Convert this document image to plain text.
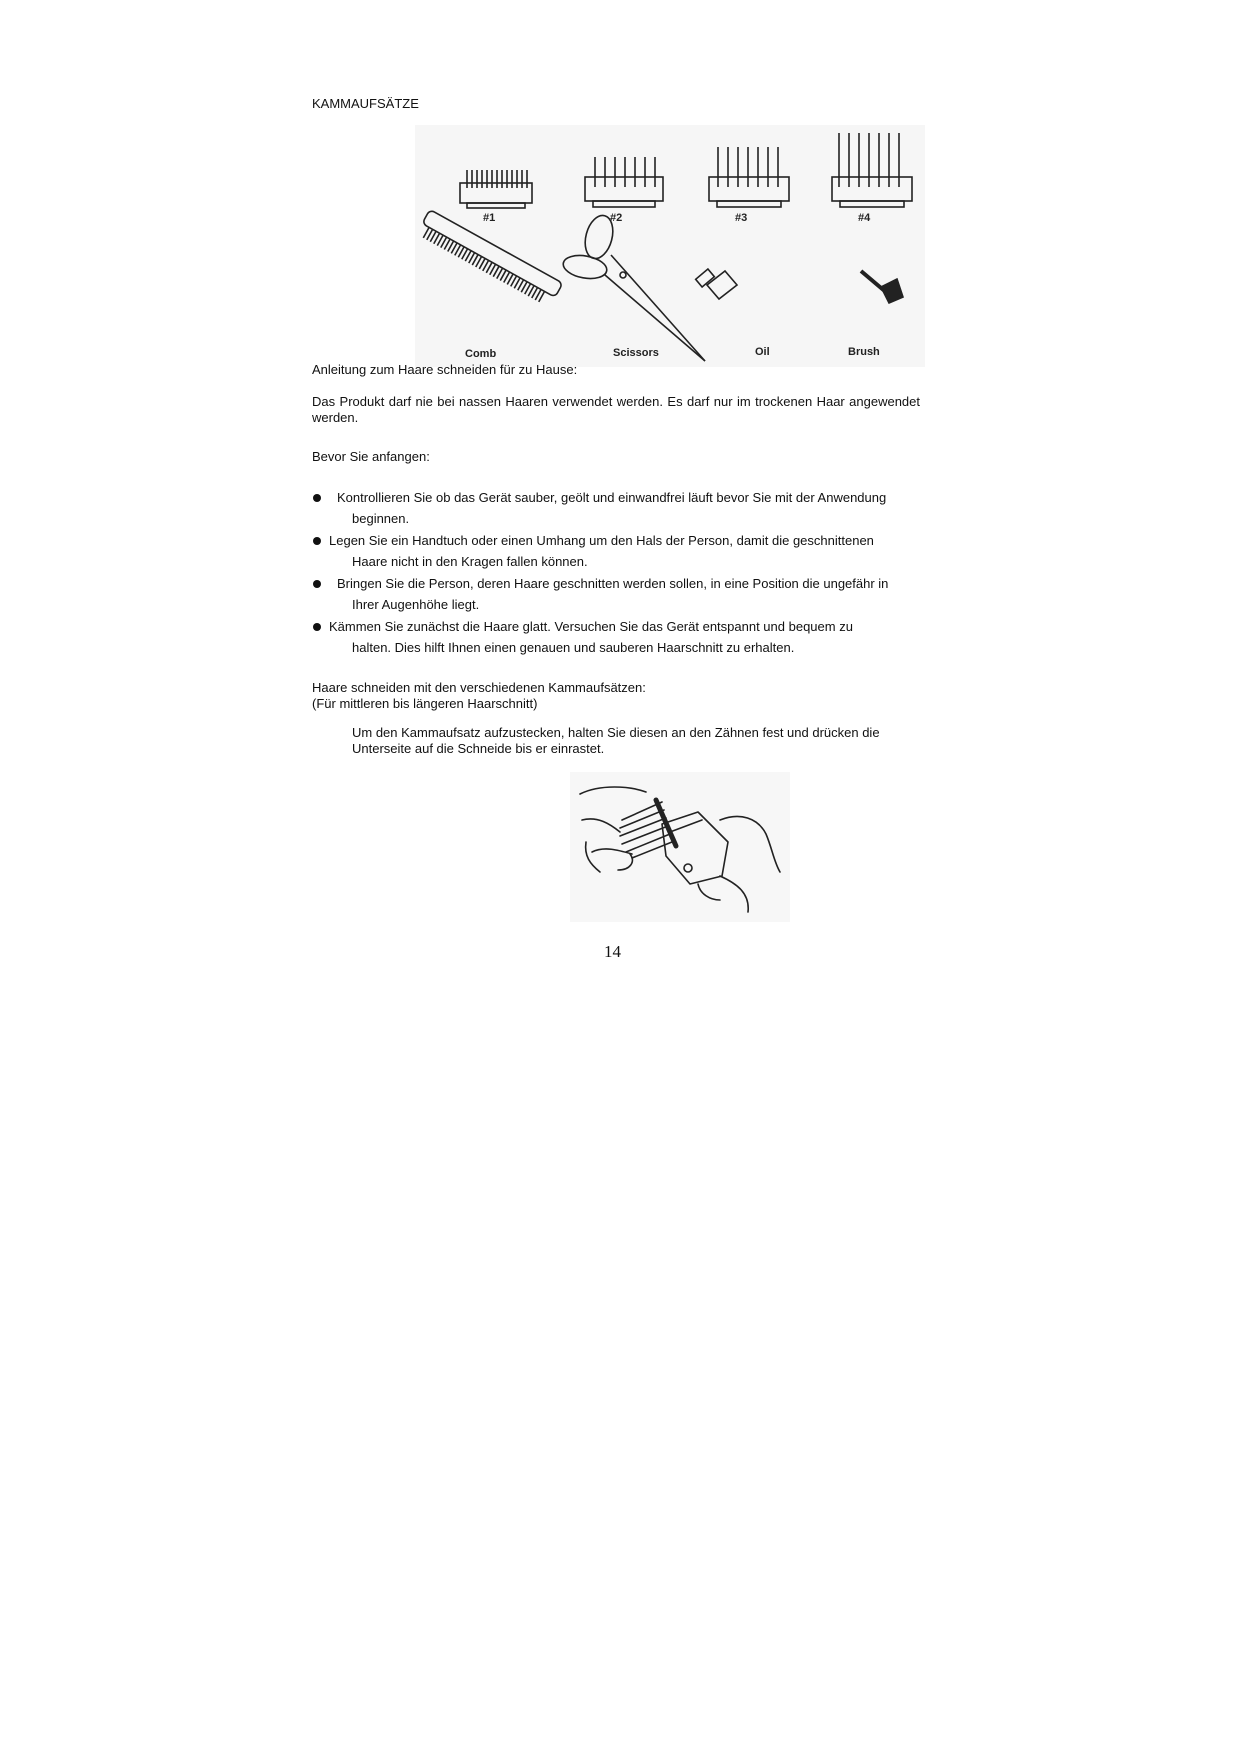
KAMMAUFSÄTZE
#1	#2	#3	#4
Comb	Scissors	Oil	Brush
Anleitung zum Haare schneiden für zu Hause:
Das Produkt darf nie bei nassen Haaren verwendet werden. Es darf nur im trockenen Haar angewendet werden.
Bevor Sie anfangen:
Kontrollieren Sie ob das Gerät sauber, geölt und einwandfrei läuft bevor Sie mit der Anwendung
beginnen.
Legen Sie ein Handtuch oder einen Umhang um den Hals der Person, damit die geschnittenen
Haare nicht in den Kragen fallen können.
Bringen Sie die Person, deren Haare geschnitten werden sollen, in eine Position die ungefähr in
Ihrer Augenhöhe liegt.
Kämmen Sie zunächst die Haare glatt. Versuchen Sie das Gerät entspannt und bequem zu
halten. Dies hilft Ihnen einen genauen und sauberen Haarschnitt zu erhalten.
Haare schneiden mit den verschiedenen Kammaufsätzen:
(Für mittleren bis längeren Haarschnitt)
Um den Kammaufsatz aufzustecken, halten Sie diesen an den Zähnen fest und drücken die Unterseite auf die Schneide bis er einrastet.
14
